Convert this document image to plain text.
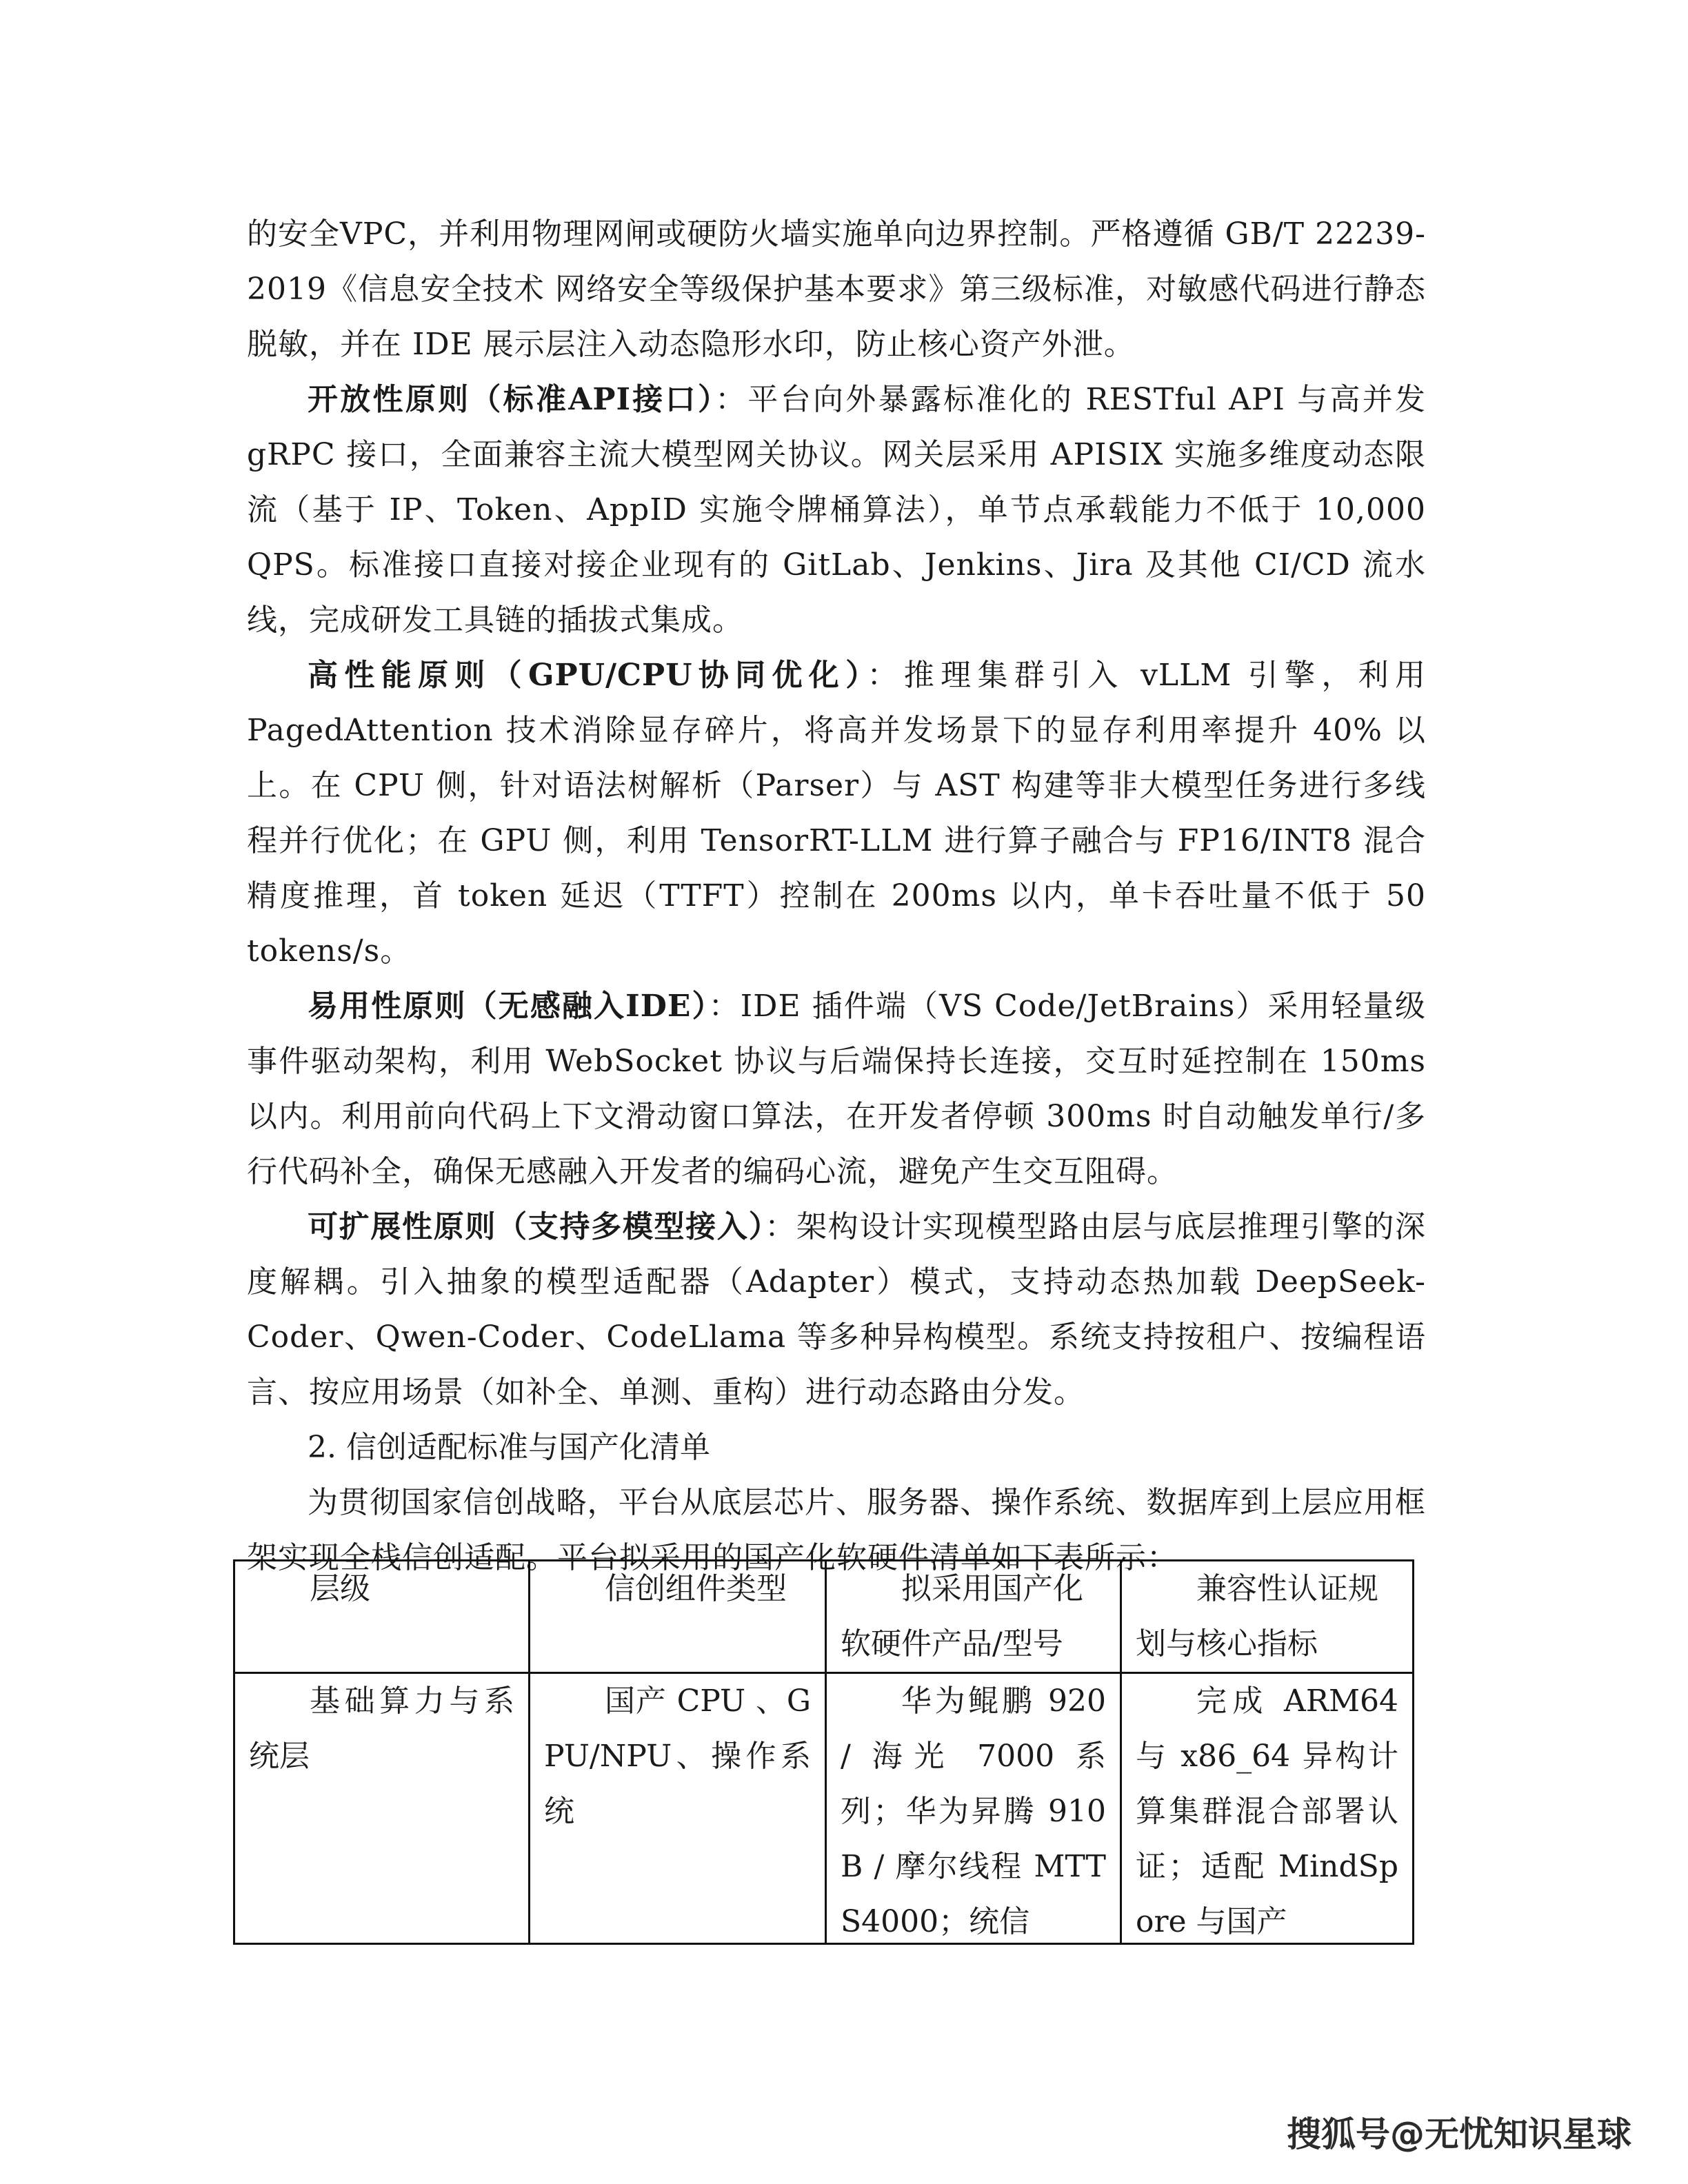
的安全VPC，并利用物理网闸或硬防火墙实施单向边界控制。严格遵循 GB/T 22239-2019《信息安全技术 网络安全等级保护基本要求》第三级标准，对敏感代码进行静态脱敏，并在 IDE 展示层注入动态隐形水印，防止核心资产外泄。

开放性原则（标准API接口）：平台向外暴露标准化的 RESTful API 与高并发 gRPC 接口，全面兼容主流大模型网关协议。网关层采用 APISIX 实施多维度动态限流（基于 IP、Token、AppID 实施令牌桶算法），单节点承载能力不低于 10,000 QPS。标准接口直接对接企业现有的 GitLab、Jenkins、Jira 及其他 CI/CD 流水线，完成研发工具链的插拔式集成。

高性能原则（GPU/CPU协同优化）：推理集群引入 vLLM 引擎，利用 PagedAttention 技术消除显存碎片，将高并发场景下的显存利用率提升 40% 以上。在 CPU 侧，针对语法树解析（Parser）与 AST 构建等非大模型任务进行多线程并行优化；在 GPU 侧，利用 TensorRT-LLM 进行算子融合与 FP16/INT8 混合精度推理，首 token 延迟（TTFT）控制在 200ms 以内，单卡吞吐量不低于 50 tokens/s。

易用性原则（无感融入IDE）：IDE 插件端（VS Code/JetBrains）采用轻量级事件驱动架构，利用 WebSocket 协议与后端保持长连接，交互时延控制在 150ms 以内。利用前向代码上下文滑动窗口算法，在开发者停顿 300ms 时自动触发单行/多行代码补全，确保无感融入开发者的编码心流，避免产生交互阻碍。

可扩展性原则（支持多模型接入）：架构设计实现模型路由层与底层推理引擎的深度解耦。引入抽象的模型适配器（Adapter）模式，支持动态热加载 DeepSeek-Coder、Qwen-Coder、CodeLlama 等多种异构模型。系统支持按租户、按编程语言、按应用场景（如补全、单测、重构）进行动态路由分发。

2. 信创适配标准与国产化清单

为贯彻国家信创战略，平台从底层芯片、服务器、操作系统、数据库到上层应用框架实现全栈信创适配。平台拟采用的国产化软硬件清单如下表所示：

层级	信创组件类型	拟采用国产化软硬件产品/型号	兼容性认证规划与核心指标

基础算力与系统层	国产 CPU 、GPU/NPU、操作系统	华为鲲鹏 920 / 海光 7000 系列；华为昇腾 910B / 摩尔线程 MTT S4000；统信	完成 ARM64 与 x86_64 异构计算集群混合部署认证；适配 MindSpore 与国产
搜狐号@无忧知识星球
